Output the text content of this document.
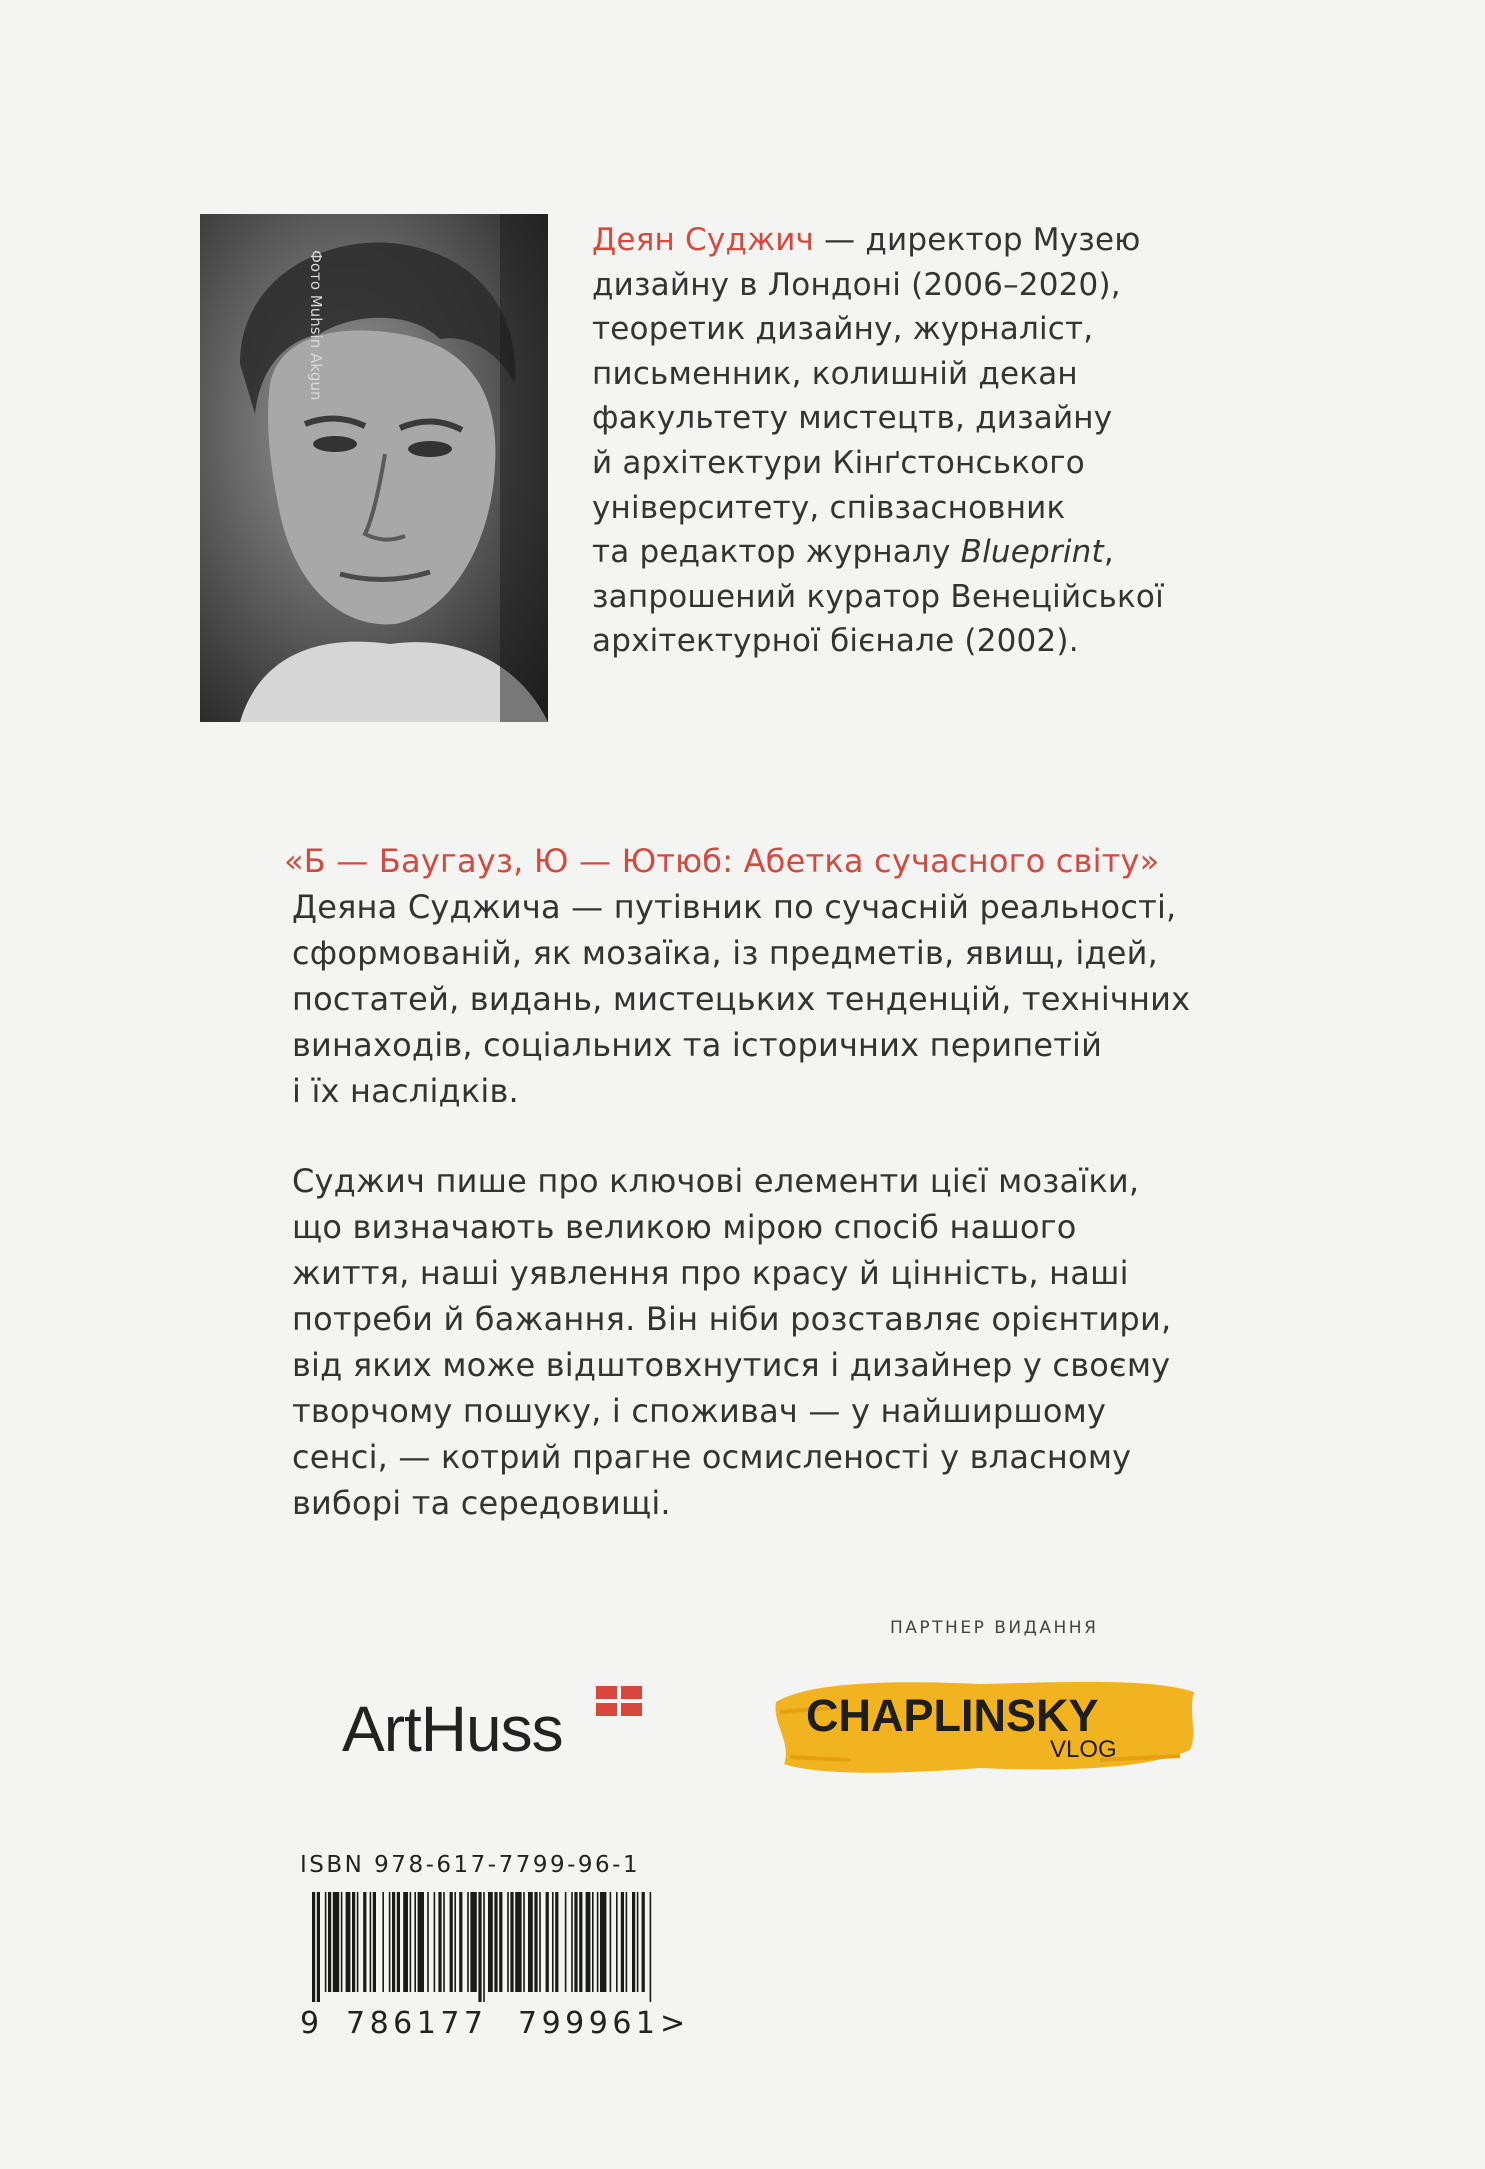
Фото Muhsin Akgun
Деян Суджич — директор Музею
дизайну в Лондоні (2006–2020),
теоретик дизайну, журналіст,
письменник, колишній декан
факультету мистецтв, дизайну
й архітектури Кінґстонського
університету, співзасновник
та редактор журналу Blueprint,
запрошений куратор Венеційської
архітектурної бієнале (2002).
«Б — Баугауз, Ю — Ютюб: Абетка сучасного світу»
Деяна Суджича — путівник по сучасній реальності,
сформованій, як мозаїка, із предметів, явищ, ідей,
постатей, видань, мистецьких тенденцій, технічних
винаходів, соціальних та історичних перипетій
і їх наслідків.
Суджич пише про ключові елементи цієї мозаїки,
що визначають великою мірою спосіб нашого
життя, наші уявлення про красу й цінність, наші
потреби й бажання. Він ніби розставляє орієнтири,
від яких може відштовхнутися і дизайнер у своєму
творчому пошуку, і споживач — у найширшому
сенсі, — котрий прагне осмисленості у власному
виборі та середовищі.
ПАРТНЕР ВИДАННЯ
ArtHuss	CHAPLINSKY
VLOG
ISBN 978-617-7799-96-1
9 786177 799961 >
